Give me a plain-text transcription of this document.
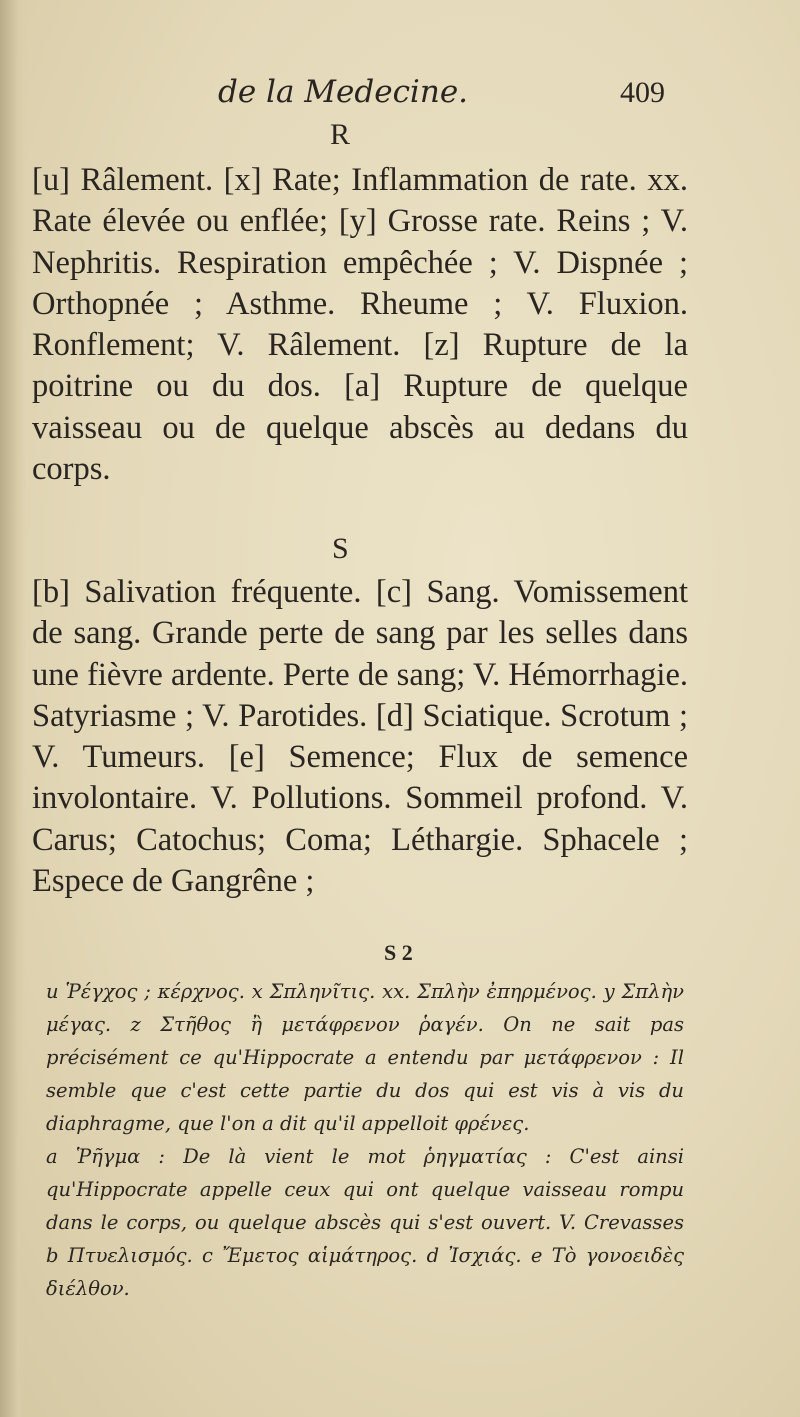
de la Medecine.	409
R
[u] Râlement. [x] Rate; Inflammation de rate. xx. Rate élevée ou enflée; [y] Grosse rate. Reins ; V. Nephritis. Respiration empêchée ; V. Dispnée ; Orthopnée ; Asthme. Rheume ; V. Fluxion. Ronflement; V. Râlement. [z] Rupture de la poitrine ou du dos. [a] Rupture de quelque vaisseau ou de quelque abscès au dedans du corps.
S
[b] Salivation fréquente. [c] Sang. Vomissement de sang. Grande perte de sang par les selles dans une fièvre ardente. Perte de sang; V. Hémorrhagie. Satyriasme ; V. Parotides. [d] Sciatique. Scrotum ; V. Tumeurs. [e] Semence; Flux de semence involontaire. V. Pollutions. Sommeil profond. V. Carus; Catochus; Coma; Léthargie. Sphacele ; Espece de Gangrêne ;
S 2

u Ῥέγχος ; κέρχνος. x Σπληνῖτις. xx. Σπλὴν ἐπηρμένος. y Σπλὴν μέγας. z Στῆθος ἢ μετάφρενον ῥαγέν. On ne sait pas précisément ce qu'Hippocrate a entendu par μετάφρενον : Il semble que c'est cette partie du dos qui est vis à vis du diaphragme, que l'on a dit qu'il appelloit φρένες.

a Ῥῆγμα : De là vient le mot ῥηγματίας : C'est ainsi qu'Hippocrate appelle ceux qui ont quelque vaisseau rompu dans le corps, ou quelque abscès qui s'est ouvert. V. Crevasses b Πτυελισμός. c Ἔμετος αἱμάτηρος. d Ἰσχιάς. e Τὸ γονοειδὲς διέλθον.
